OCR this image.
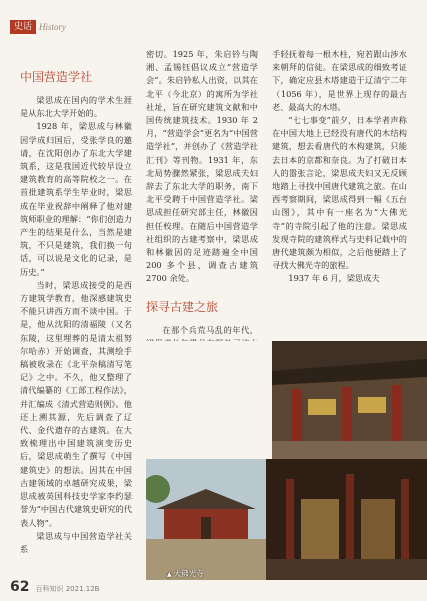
史话 History
中国营造学社

梁思成在国内的学术生涯是从东北大学开始的。

1928 年，梁思成与林徽因学成归国后，受张学良的邀请，在沈阳创办了东北大学建筑系，这是我国近代较早设立建筑教育的高等院校之一。在首批建筑系学生毕业时，梁思成在毕业祝辞中阐释了他对建筑师职业的理解：“你们创造力产生的结果是什么，当然是建筑，不只是建筑，我们换一句话，可以说是文化的记录，是历史。”

当时，梁思成接受的是西方建筑学教育，他深感建筑史不能只讲西方而不谈中国。于是，他从沈阳的清福陵（又名东陵，这里埋葬的是清太祖努尔哈赤）开始调查，其测绘手稿被收录在《北平杂稿清写笔记》之中。不久，他又整理了清代编纂的《工部工程作法》，并汇编成《清式营造则例》。他还上溯其源，先后调查了辽代、金代遗存的古建筑。在大致梳理出中国建筑演变历史后，梁思成萌生了撰写《中国建筑史》的想法。因其在中国古建领域的卓越研究成果，梁思成被英国科技史学家李约瑟誉为“中国古代建筑史研究的代表人物”。

梁思成与中国营造学社关系

密切。1925 年，朱启钤与陶湘、孟锡钰倡议成立“营造学会”。朱启钤私人出资，以其在北平（今北京）的寓所为学社社址，旨在研究建筑文献和中国传统建筑技术。1930 年 2 月，“营造学会”更名为“中国营造学社”，并创办了《营造学社汇刊》等刊物。1931 年，东北局势骤然紧张，梁思成夫妇辞去了东北大学的职务，南下北平受聘于中国营造学社。梁思成担任研究部主任，林徽因担任校理。在随后中国营造学社组织的古建考察中，梁思成和林徽因的足迹踏遍全中国 200 多个县，调查古建筑 2700 余处。

手轻抚着每一根木柱，宛若跟山涉水来朝拜的信徒。在梁思成的细致考证下，确定应县木塔建造于辽清宁二年（1056 年），是世界上现存的最古老、最高大的木塔。

“七七事变”前夕，日本学者声称在中国大地上已经没有唐代的木结构建筑，想去看唐代的木构建筑，只能去日本的京都和奈良。为了打破日本人的嚣张言论，梁思成夫妇又无反顾地踏上寻找中国唐代建筑之旅。在山西考察期间，梁思成得到一幅《五台山图》，其中有一座名为“大佛光寺”的寺院引起了他的注意。梁思成发现寺院的建筑样式与史料记载中的唐代建筑颇为相似，之后他便踏上了寻找大佛光寺的旅程。

1937 年 6 月，梁思成夫

探寻古建之旅

在那个兵荒马乱的年代，

▲ 大佛光寺
62 百科知识 2021.12B
